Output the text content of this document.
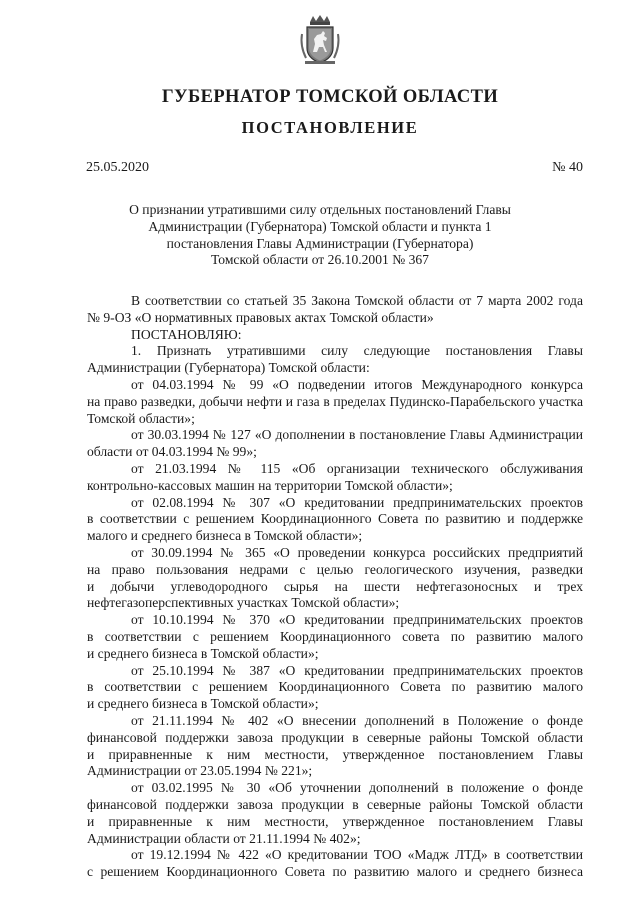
ГУБЕРНАТОР ТОМСКОЙ ОБЛАСТИ
ПОСТАНОВЛЕНИЕ
25.05.2020	№ 40
О признании утратившими силу отдельных постановлений Главы
Администрации (Губернатора) Томской области и пункта 1
постановления Главы Администрации (Губернатора)
Томской области от 26.10.2001 № 367
В соответствии со статьей 35 Закона Томской области от 7 марта 2002 года
№ 9-ОЗ «О нормативных правовых актах Томской области»
ПОСТАНОВЛЯЮ:
1. Признать утратившими силу следующие постановления Главы
Администрации (Губернатора) Томской области:
от 04.03.1994 № 99 «О подведении итогов Международного конкурса
на право разведки, добычи нефти и газа в пределах Пудинско-Парабельского участка
Томской области»;
от 30.03.1994 № 127 «О дополнении в постановление Главы Администрации
области от 04.03.1994 № 99»;
от 21.03.1994 № 115 «Об организации технического обслуживания
контрольно-кассовых машин на территории Томской области»;
от 02.08.1994 № 307 «О кредитовании предпринимательских проектов
в соответствии с решением Координационного Совета по развитию и поддержке
малого и среднего бизнеса в Томской области»;
от 30.09.1994 № 365 «О проведении конкурса российских предприятий
на право пользования недрами с целью геологического изучения, разведки
и добычи углеводородного сырья на шести нефтегазоносных и трех
нефтегазоперспективных участках Томской области»;
от 10.10.1994 № 370 «О кредитовании предпринимательских проектов
в соответствии с решением Координационного совета по развитию малого
и среднего бизнеса в Томской области»;
от 25.10.1994 № 387 «О кредитовании предпринимательских проектов
в соответствии с решением Координационного Совета по развитию малого
и среднего бизнеса в Томской области»;
от 21.11.1994 № 402 «О внесении дополнений в Положение о фонде
финансовой поддержки завоза продукции в северные районы Томской области
и приравненные к ним местности, утвержденное постановлением Главы
Администрации от 23.05.1994 № 221»;
от 03.02.1995 № 30 «Об уточнении дополнений в положение о фонде
финансовой поддержки завоза продукции в северные районы Томской области
и приравненные к ним местности, утвержденное постановлением Главы
Администрации области от 21.11.1994 № 402»;
от 19.12.1994 № 422 «О кредитовании ТОО «Мадж ЛТД» в соответствии
с решением Координационного Совета по развитию малого и среднего бизнеса
